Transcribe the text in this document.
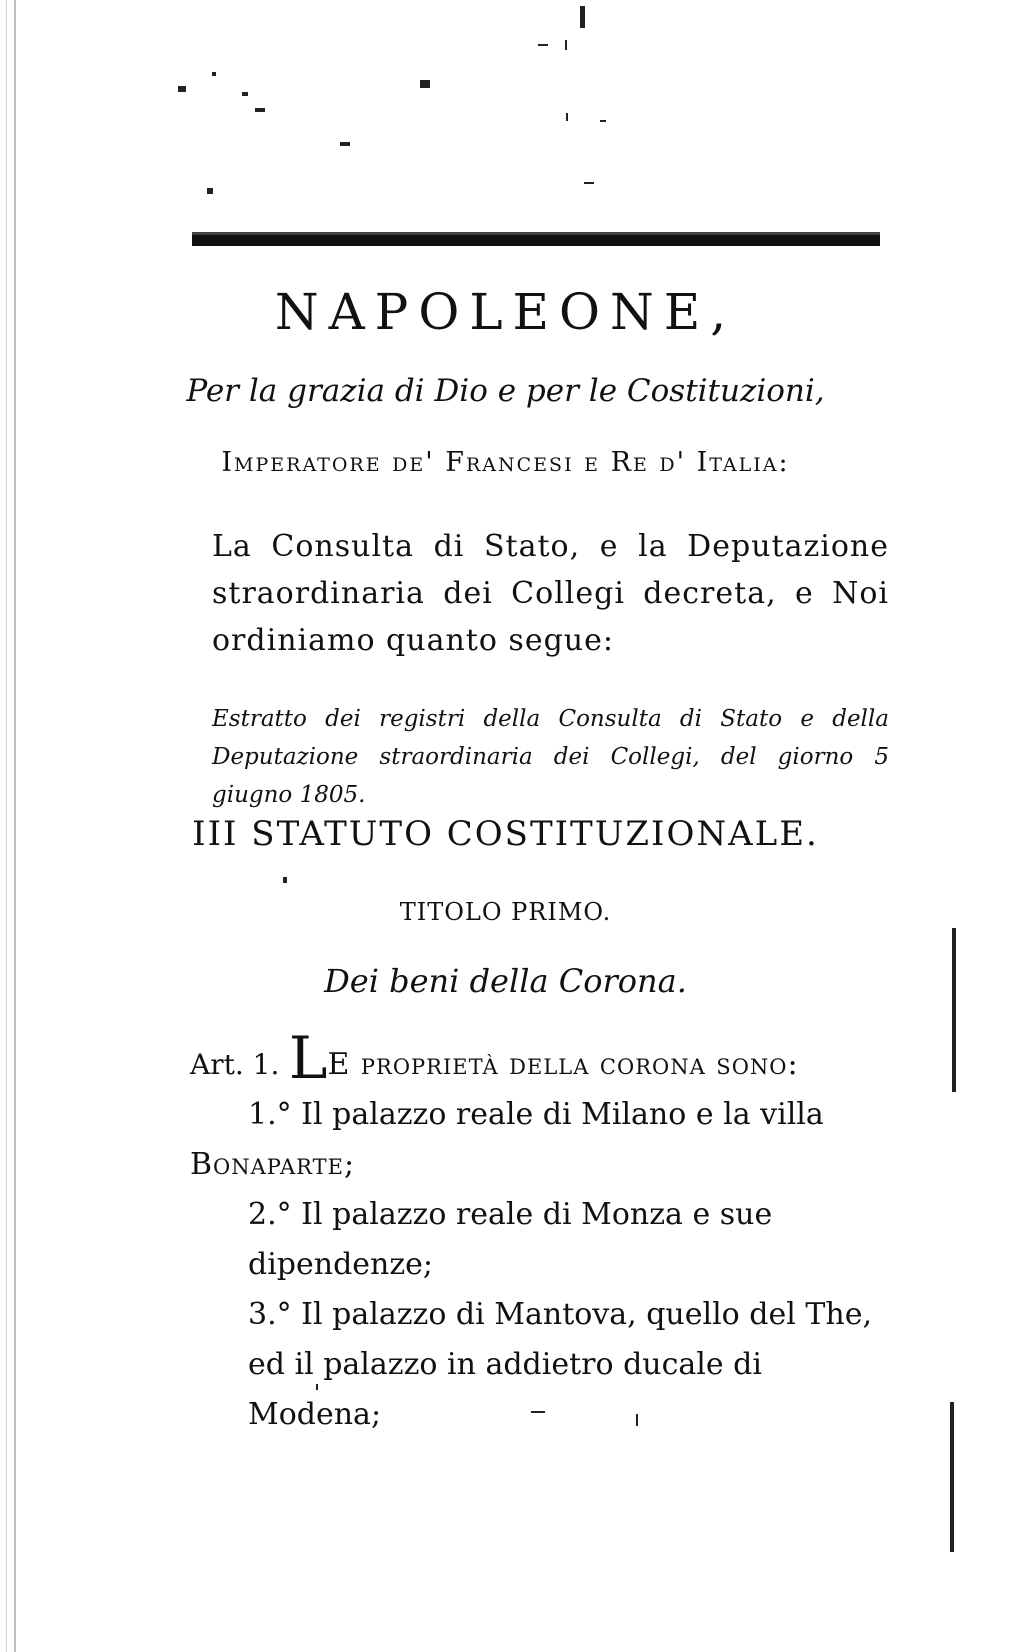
NAPOLEONE,
Per la grazia di Dio e per le Costituzioni,
Imperatore de' Francesi e Re d' Italia:
La Consulta di Stato, e la Deputazione straordinaria dei Collegi decreta, e Noi ordiniamo quanto segue:
Estratto dei registri della Consulta di Stato e della Deputazione straordinaria dei Collegi, del giorno 5 giugno 1805.
III STATUTO COSTITUZIONALE.
TITOLO PRIMO.
Dei beni della Corona.

Art. 1. LE proprietà della corona sono:

1.° Il palazzo reale di Milano e la villa

Bonaparte;

2.° Il palazzo reale di Monza e sue dipendenze;

3.° Il palazzo di Mantova, quello del The, ed il palazzo in addietro ducale di Modena;
